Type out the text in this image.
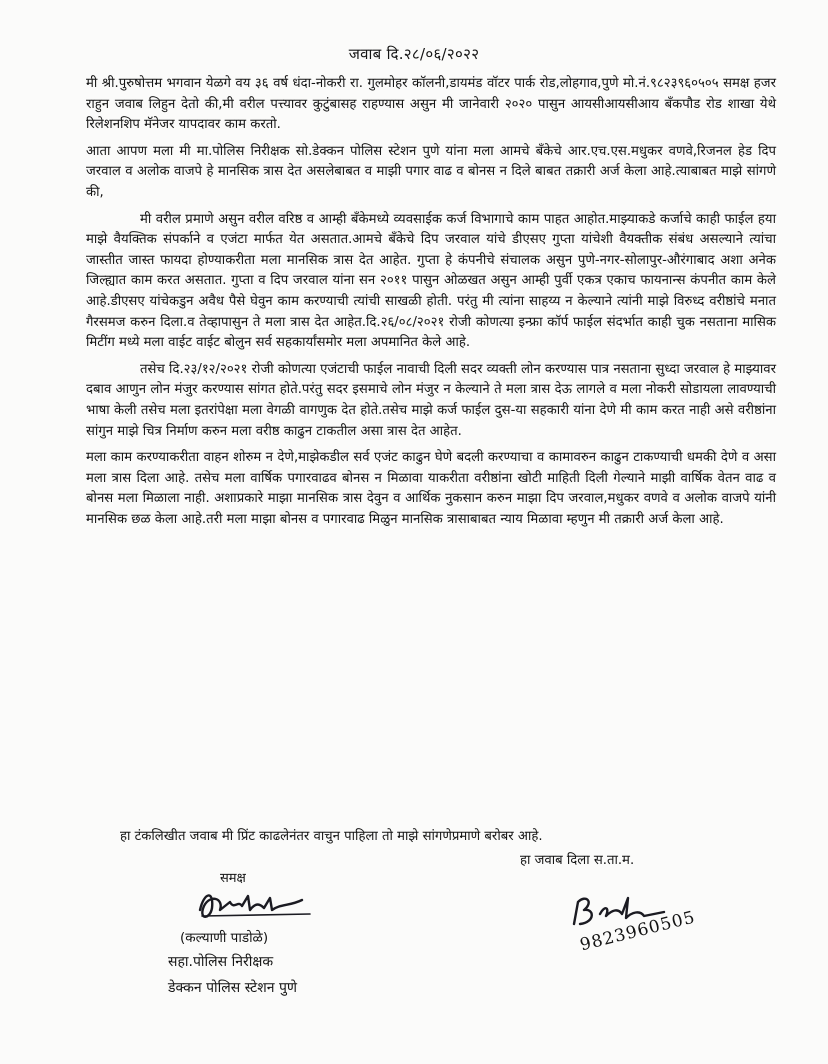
जवाब दि.२८/०६/२०२२

मी श्री.पुरुषोत्तम भगवान येळगे वय ३६ वर्ष धंदा-नोकरी रा. गुलमोहर कॉलनी,डायमंड वॉटर पार्क रोड,लोहगाव,पुणे मो.नं.९८२३९६०५०५ समक्ष हजर राहुन जवाब लिहुन देतो की,मी वरील पत्त्यावर कुटुंबासह राहण्यास असुन मी जानेवारी २०२० पासुन आयसीआयसीआय बँकपौड रोड शाखा येथे रिलेशनशिप मॅनेजर यापदावर काम करतो.

आता आपण मला मी मा.पोलिस निरीक्षक सो.डेक्कन पोलिस स्टेशन पुणे यांना मला आमचे बँकेचे आर.एच.एस.मधुकर वणवे,रिजनल हेड दिप जरवाल व अलोक वाजपे हे मानसिक त्रास देत असलेबाबत व माझी पगार वाढ व बोनस न दिले बाबत तक्रारी अर्ज केला आहे.त्याबाबत माझे सांगणे की,

मी वरील प्रमाणे असुन वरील वरिष्ठ व आम्ही बँकेमध्ये व्यवसाईक कर्ज विभागाचे काम पाहत आहोत.माझ्याकडे कर्जाचे काही फाईल हया माझे वैयक्तिक संपर्काने व एजंटा मार्फत येत असतात.आमचे बँकेचे दिप जरवाल यांचे डीएसए गुप्ता यांचेशी वैयक्तीक संबंध असल्याने त्यांचा जास्तीत जास्त फायदा होण्याकरीता मला मानसिक त्रास देत आहेत. गुप्ता हे कंपनीचे संचालक असुन पुणे-नगर-सोलापुर-औरंगाबाद अशा अनेक जिल्ह्यात काम करत असतात. गुप्ता व दिप जरवाल यांना सन २०११ पासुन ओळखत असुन आम्ही पुर्वी एकत्र एकाच फायनान्स कंपनीत काम केले आहे.डीएसए यांचेकडुन अवैध पैसे घेवुन काम करण्याची त्यांची साखळी होती. परंतु मी त्यांना साहय्य न केल्याने त्यांनी माझे विरुध्द वरीष्ठांचे मनात गैरसमज करुन दिला.व तेव्हापासुन ते मला त्रास देत आहेत.दि.२६/०८/२०२१ रोजी कोणत्या इन्फ्रा कॉर्प फाईल संदर्भात काही चुक नसताना मासिक मिटींग मध्ये मला वाईट वाईट बोलुन सर्व सहकार्यांसमोर मला अपमानित केले आहे.

तसेच दि.२३/१२/२०२१ रोजी कोणत्या एजंटाची फाईल नावाची दिली सदर व्यक्ती लोन करण्यास पात्र नसताना सुध्दा जरवाल हे माझ्यावर दबाव आणुन लोन मंजुर करण्यास सांगत होते.परंतु सदर इसमाचे लोन मंजुर न केल्याने ते मला त्रास देऊ लागले व मला नोकरी सोडायला लावण्याची भाषा केली तसेच मला इतरांपेक्षा मला वेगळी वागणुक देत होते.तसेच माझे कर्ज फाईल दुस-या सहकारी यांना देणे मी काम करत नाही असे वरीष्ठांना सांगुन माझे चित्र निर्माण करुन मला वरीष्ठ काढुन टाकतील असा त्रास देत आहेत.

मला काम करण्याकरीता वाहन शोरुम न देणे,माझेकडील सर्व एजंट काढुन घेणे बदली करण्याचा व कामावरुन काढुन टाकण्याची धमकी देणे व असा मला त्रास दिला आहे. तसेच मला वार्षिक पगारवाढव बोनस न मिळावा याकरीता वरीष्ठांना खोटी माहिती दिली गेल्याने माझी वार्षिक वेतन वाढ व बोनस मला मिळाला नाही. अशाप्रकारे माझा मानसिक त्रास देवुन व आर्थिक नुकसान करुन माझा दिप जरवाल,मधुकर वणवे व अलोक वाजपे यांनी मानसिक छळ केला आहे.तरी मला माझा बोनस व पगारवाढ मिळुन मानसिक त्रासाबाबत न्याय मिळावा म्हणुन मी तक्रारी अर्ज केला आहे.

हा टंकलिखीत जवाब मी प्रिंट काढलेनंतर वाचुन पाहिला तो माझे सांगणेप्रमाणे बरोबर आहे.
हा जवाब दिला स.ता.म.
समक्ष
(कल्याणी पाडोळे)
सहा.पोलिस निरीक्षक
डेक्कन पोलिस स्टेशन पुणे
9823960505
